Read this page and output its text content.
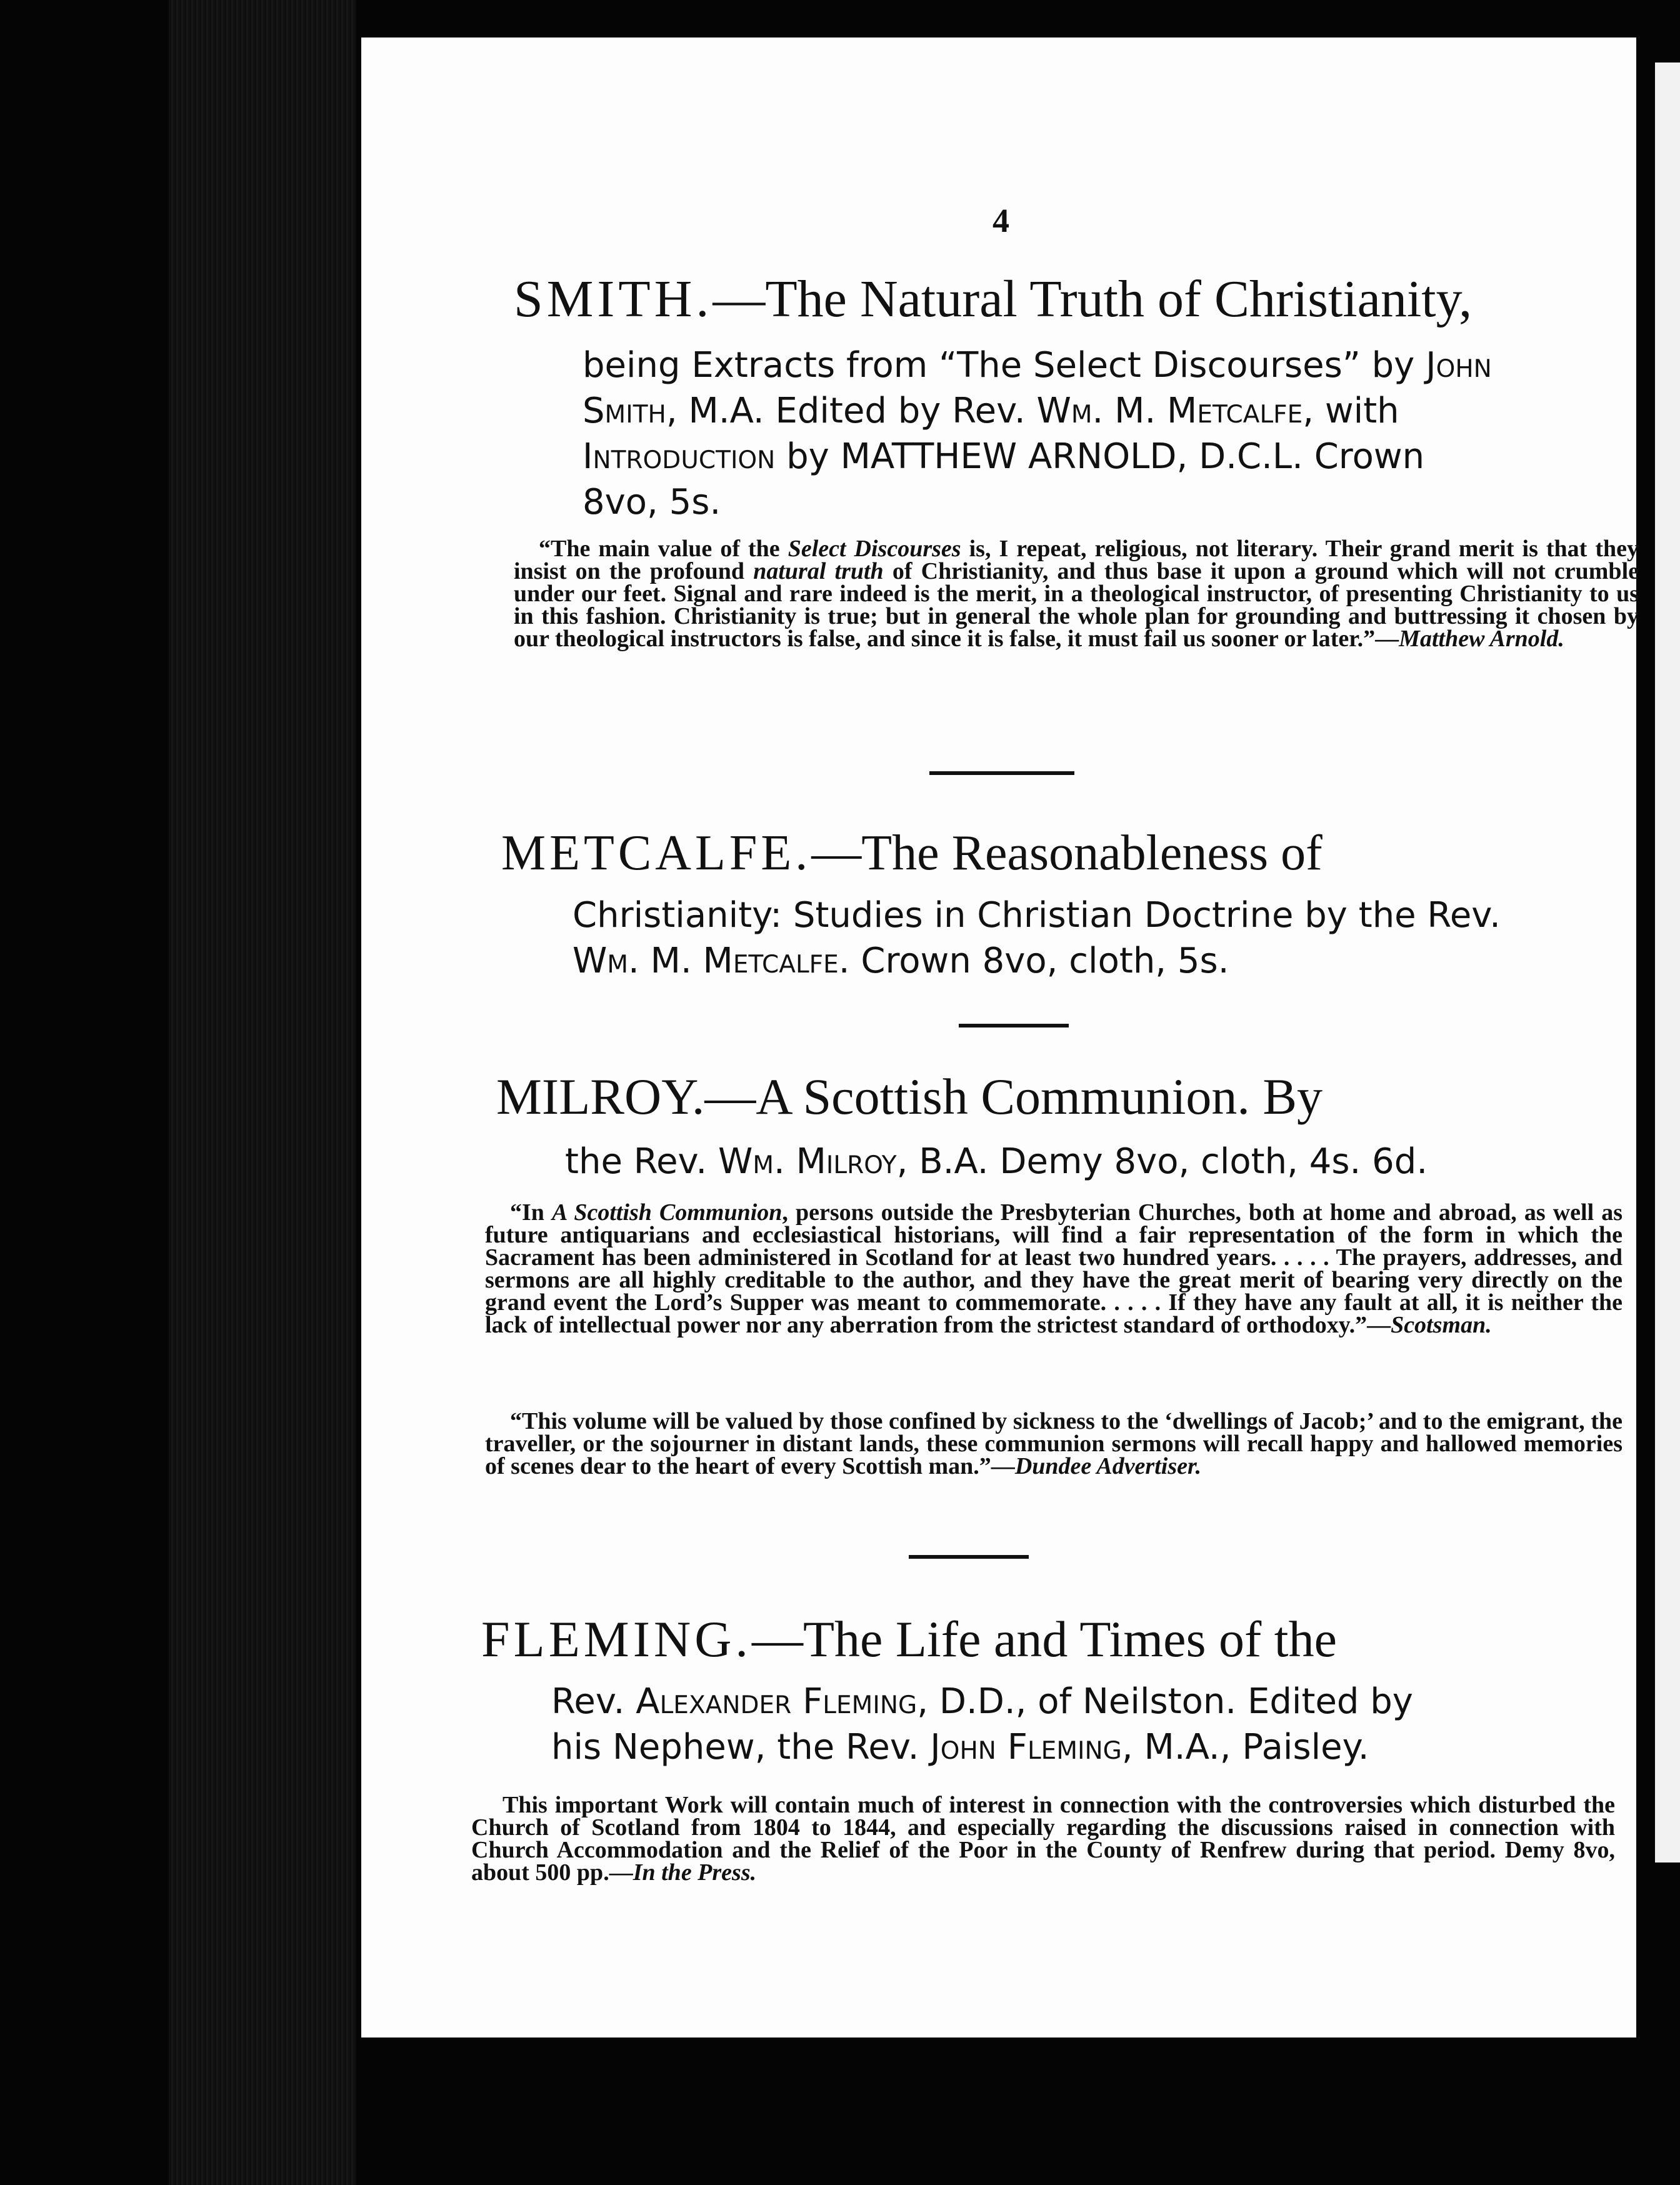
4
SMITH.—The Natural Truth of Christianity,
being Extracts from “The Select Discourses” by John
Smith, M.A. Edited by Rev. Wm. M. Metcalfe, with
Introduction by MATTHEW ARNOLD, D.C.L. Crown
8vo, 5s.
“The main value of the Select Discourses is, I repeat, religious, not literary. Their grand merit is that they insist on the profound natural truth of Christianity, and thus base it upon a ground which will not crumble under our feet. Signal and rare indeed is the merit, in a theological instructor, of presenting Christianity to us in this fashion. Christianity is true; but in general the whole plan for grounding and buttressing it chosen by our theological instructors is false, and since it is false, it must fail us sooner or later.”—Matthew Arnold.
METCALFE.—The Reasonableness of
Christianity: Studies in Christian Doctrine by the Rev.
Wm. M. Metcalfe. Crown 8vo, cloth, 5s.
MILROY.—A Scottish Communion. By
the Rev. Wm. Milroy, B.A. Demy 8vo, cloth, 4s. 6d.
“In A Scottish Communion, persons outside the Presbyterian Churches, both at home and abroad, as well as future antiquarians and ecclesiastical historians, will find a fair representation of the form in which the Sacrament has been administered in Scotland for at least two hundred years. . . . . The prayers, addresses, and sermons are all highly creditable to the author, and they have the great merit of bearing very directly on the grand event the Lord’s Supper was meant to commemorate. . . . . If they have any fault at all, it is neither the lack of intellectual power nor any aberration from the strictest standard of orthodoxy.”—Scotsman.
“This volume will be valued by those confined by sickness to the ‘dwellings of Jacob;’ and to the emigrant, the traveller, or the sojourner in distant lands, these communion sermons will recall happy and hallowed memories of scenes dear to the heart of every Scottish man.”—Dundee Advertiser.
FLEMING.—The Life and Times of the
Rev. Alexander Fleming, D.D., of Neilston. Edited by
his Nephew, the Rev. John Fleming, M.A., Paisley.
This important Work will contain much of interest in connection with the controversies which disturbed the Church of Scotland from 1804 to 1844, and especially regarding the discussions raised in connection with Church Accommodation and the Relief of the Poor in the County of Renfrew during that period. Demy 8vo, about 500 pp.—In the Press.
